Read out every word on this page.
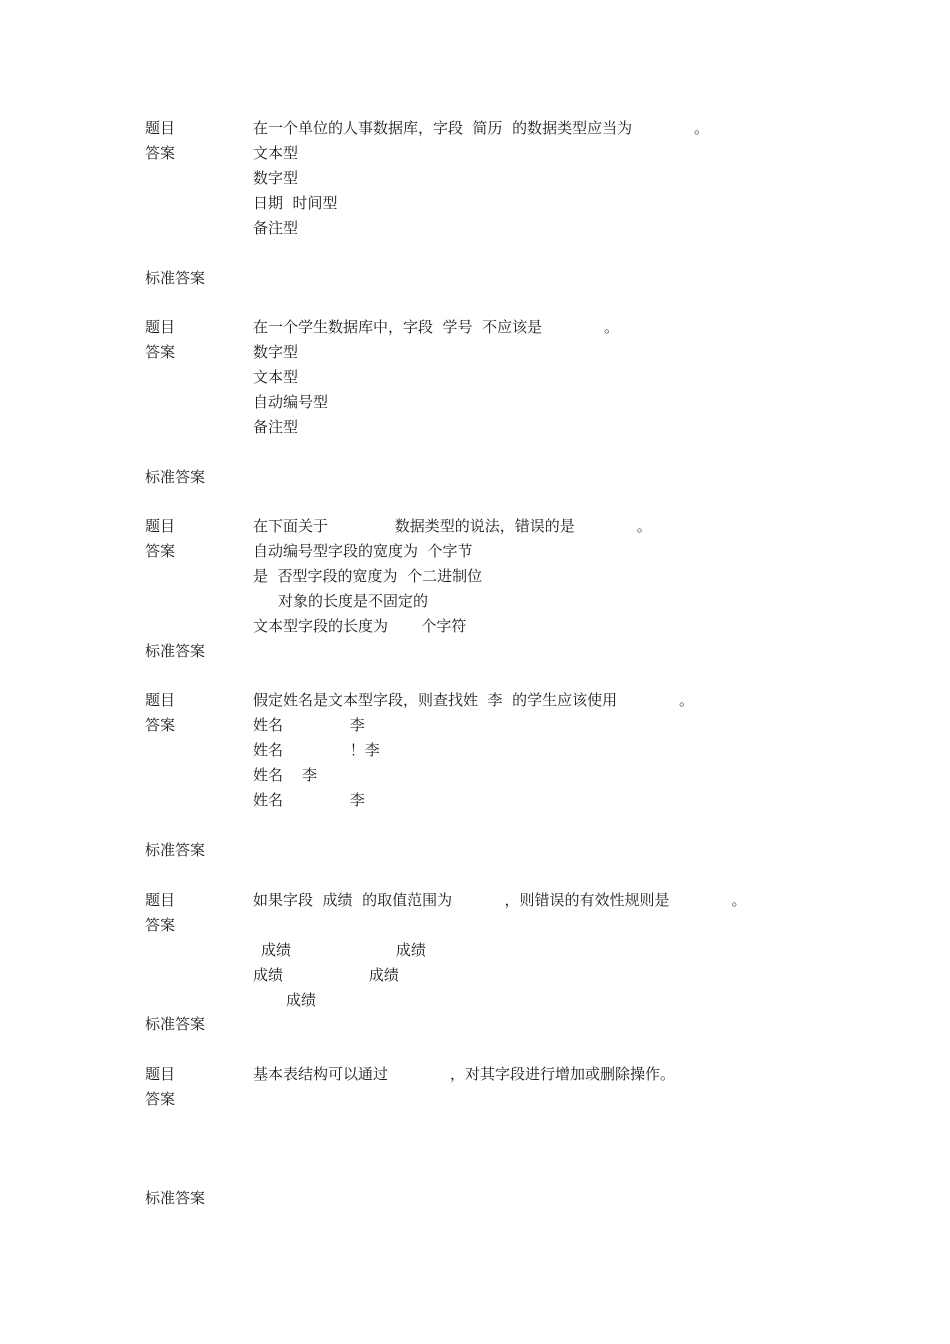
题目	在一个单位的人事数据库，字段  简历  的数据类型应当为             。
答案	文本型
数字型
日期  时间型
备注型
标准答案
题目	在一个学生数据库中，字段  学号  不应该是             。
答案	数字型
文本型
自动编号型
备注型
标准答案
题目	在下面关于              数据类型的说法，错误的是             。
答案	自动编号型字段的宽度为  个字节
是  否型字段的宽度为  个二进制位
对象的长度是不固定的
文本型字段的长度为       个字符
标准答案
题目	假定姓名是文本型字段，则查找姓  李  的学生应该使用             。
答案	姓名              李
姓名              ！李
姓名    李
姓名              李
标准答案
题目	如果字段  成绩  的取值范围为           ，则错误的有效性规则是             。
答案
成绩                      成绩
成绩                  成绩
成绩
标准答案
题目	基本表结构可以通过             ，对其字段进行增加或删除操作。
答案
标准答案
